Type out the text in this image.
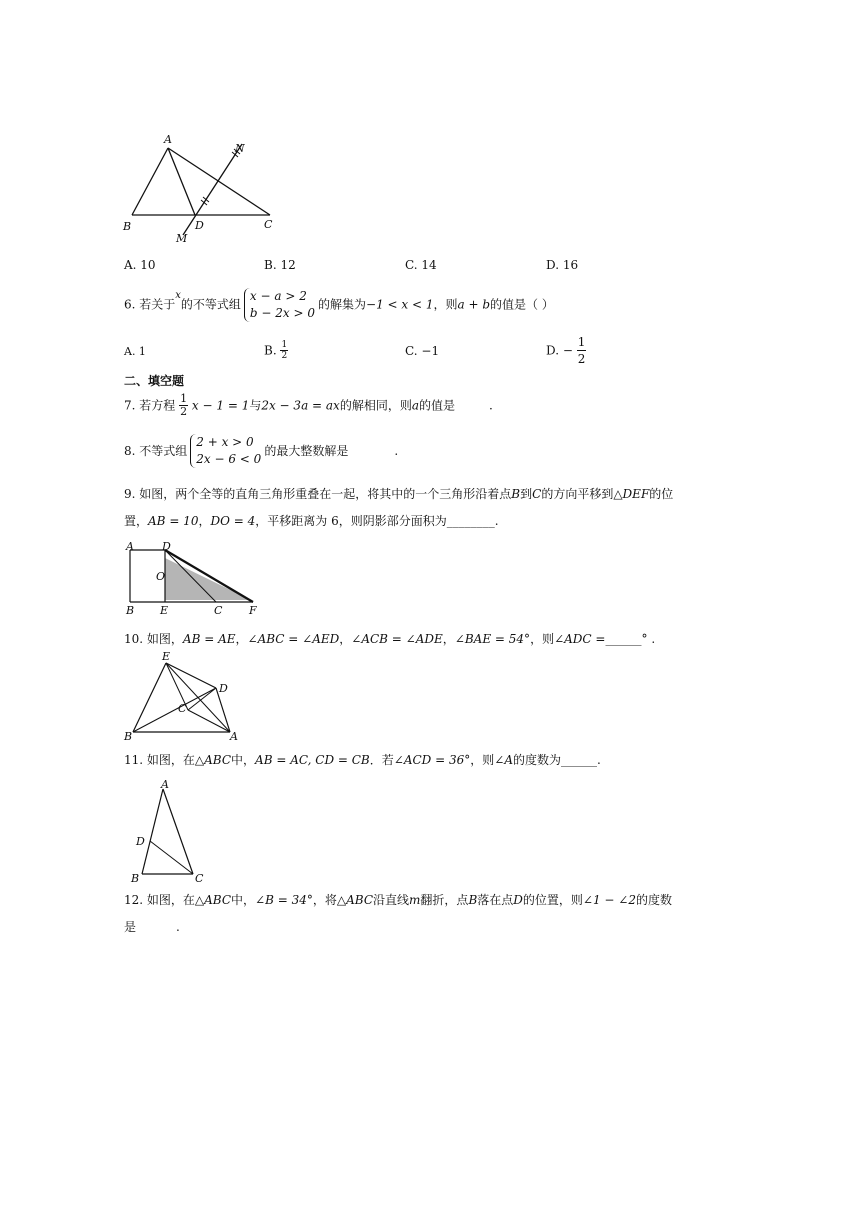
A
B	C
D
M
N
A. 10	B. 12	C. 14	D. 16
6. 若关于$^x$的不等式组
x − a > 2
b − 2x > 0
的解集为−1 < x < 1，则a + b的值是（ ）
A. 1	B. $\frac{1}{2}$	C. −1	D. − $\frac{1}{2}$
二、填空题
7. 若方程 $\frac{1}{2}$ x − 1 = 1与2x − 3a = ax的解相同，则a的值是	.
8. 不等式组
2 + x > 0
2x − 6 < 0
的最大整数解是	.
9. 如图，两个全等的直角三角形重叠在一起，将其中的一个三角形沿着点B到C的方向平移到△DEF的位
置，AB = 10，DO = 4，平移距离为 6，则阴影部分面积为________.
A	D
O
B E	C F
10. 如图，AB = AE，∠ABC = ∠AED，∠ACB = ∠ADE，∠BAE = 54°，则∠ADC =______° .
E
D
C
B	A
11. 如图，在△ABC中，AB = AC, CD = CB．若∠ACD = 36°，则∠A的度数为______.
A
D
B	C
12. 如图，在△ABC中，∠B = 34°，将△ABC沿直线m翻折，点B落在点D的位置，则∠1 − ∠2的度数
是	.
